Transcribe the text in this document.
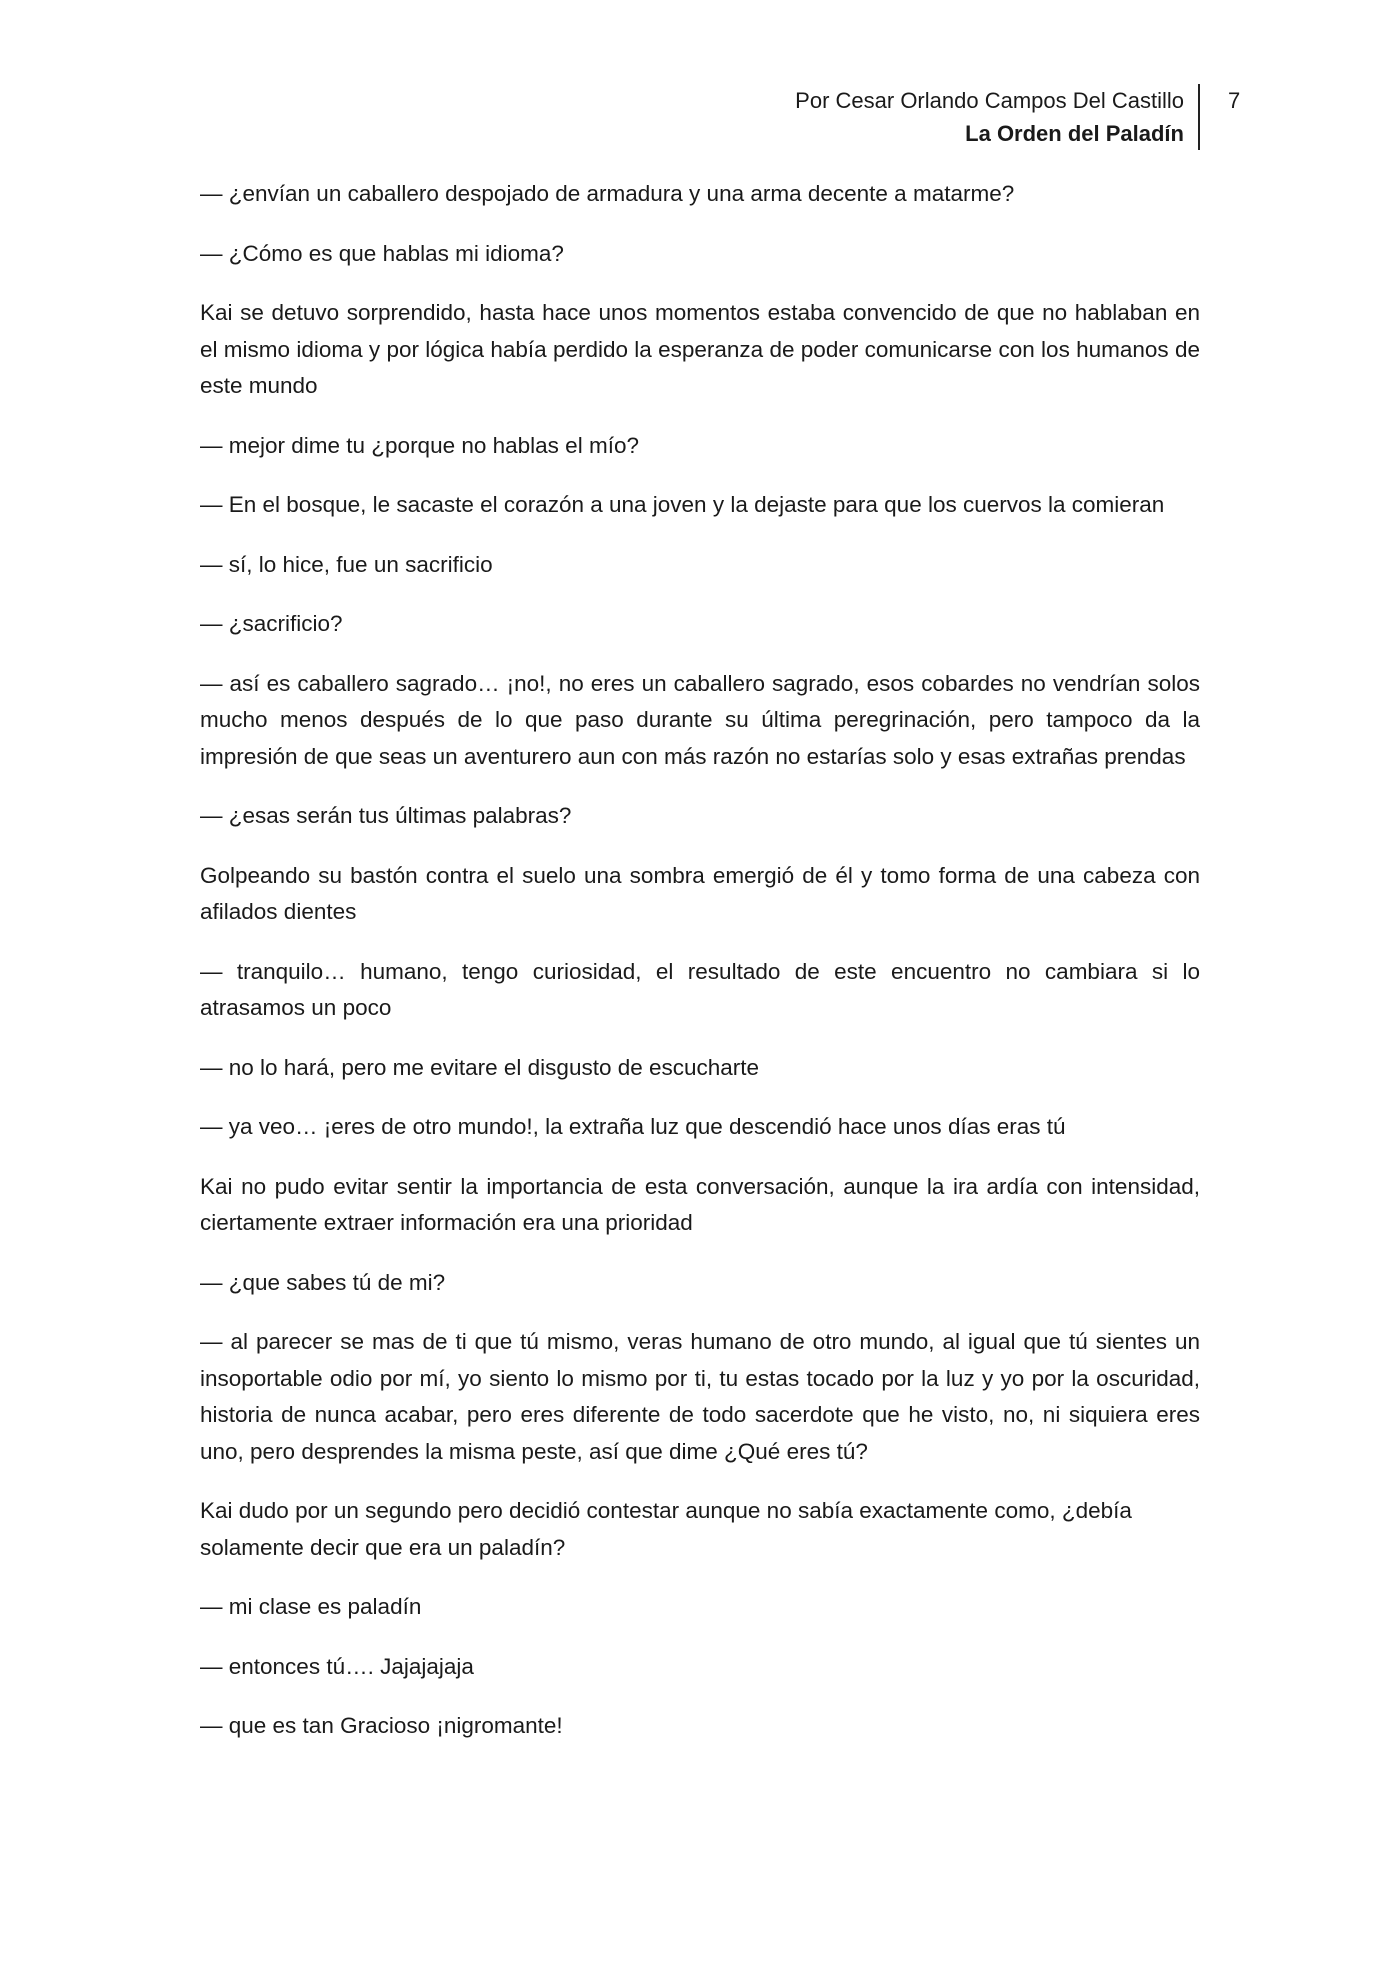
Por Cesar Orlando Campos Del Castillo
La Orden del Paladín
7

— ¿envían un caballero despojado de armadura y una arma decente a matarme?

— ¿Cómo es que hablas mi idioma?

Kai se detuvo sorprendido, hasta hace unos momentos estaba convencido de que no hablaban en el mismo idioma y por lógica había perdido la esperanza de poder comunicarse con los humanos de este mundo

— mejor dime tu ¿porque no hablas el mío?

— En el bosque, le sacaste el corazón a una joven y la dejaste para que los cuervos la comieran

— sí, lo hice, fue un sacrificio

— ¿sacrificio?

— así es caballero sagrado… ¡no!, no eres un caballero sagrado, esos cobardes no vendrían solos mucho menos después de lo que paso durante su última peregrinación, pero tampoco da la impresión de que seas un aventurero aun con más razón no estarías solo y esas extrañas prendas

— ¿esas serán tus últimas palabras?

Golpeando su bastón contra el suelo una sombra emergió de él y tomo forma de una cabeza con afilados dientes

— tranquilo… humano, tengo curiosidad, el resultado de este encuentro no cambiara si lo atrasamos un poco

— no lo hará, pero me evitare el disgusto de escucharte

— ya veo… ¡eres de otro mundo!, la extraña luz que descendió hace unos días eras tú

Kai no pudo evitar sentir la importancia de esta conversación, aunque la ira ardía con intensidad, ciertamente extraer información era una prioridad

— ¿que sabes tú de mi?

— al parecer se mas de ti que tú mismo, veras humano de otro mundo, al igual que tú sientes un insoportable odio por mí, yo siento lo mismo por ti, tu estas tocado por la luz y yo por la oscuridad, historia de nunca acabar, pero eres diferente de todo sacerdote que he visto, no, ni siquiera eres uno, pero desprendes la misma peste, así que dime ¿Qué eres tú?

Kai dudo por un segundo pero decidió contestar aunque no sabía exactamente como, ¿debía solamente decir que era un paladín?

— mi clase es paladín

— entonces tú…. Jajajajaja

— que es tan Gracioso ¡nigromante!
